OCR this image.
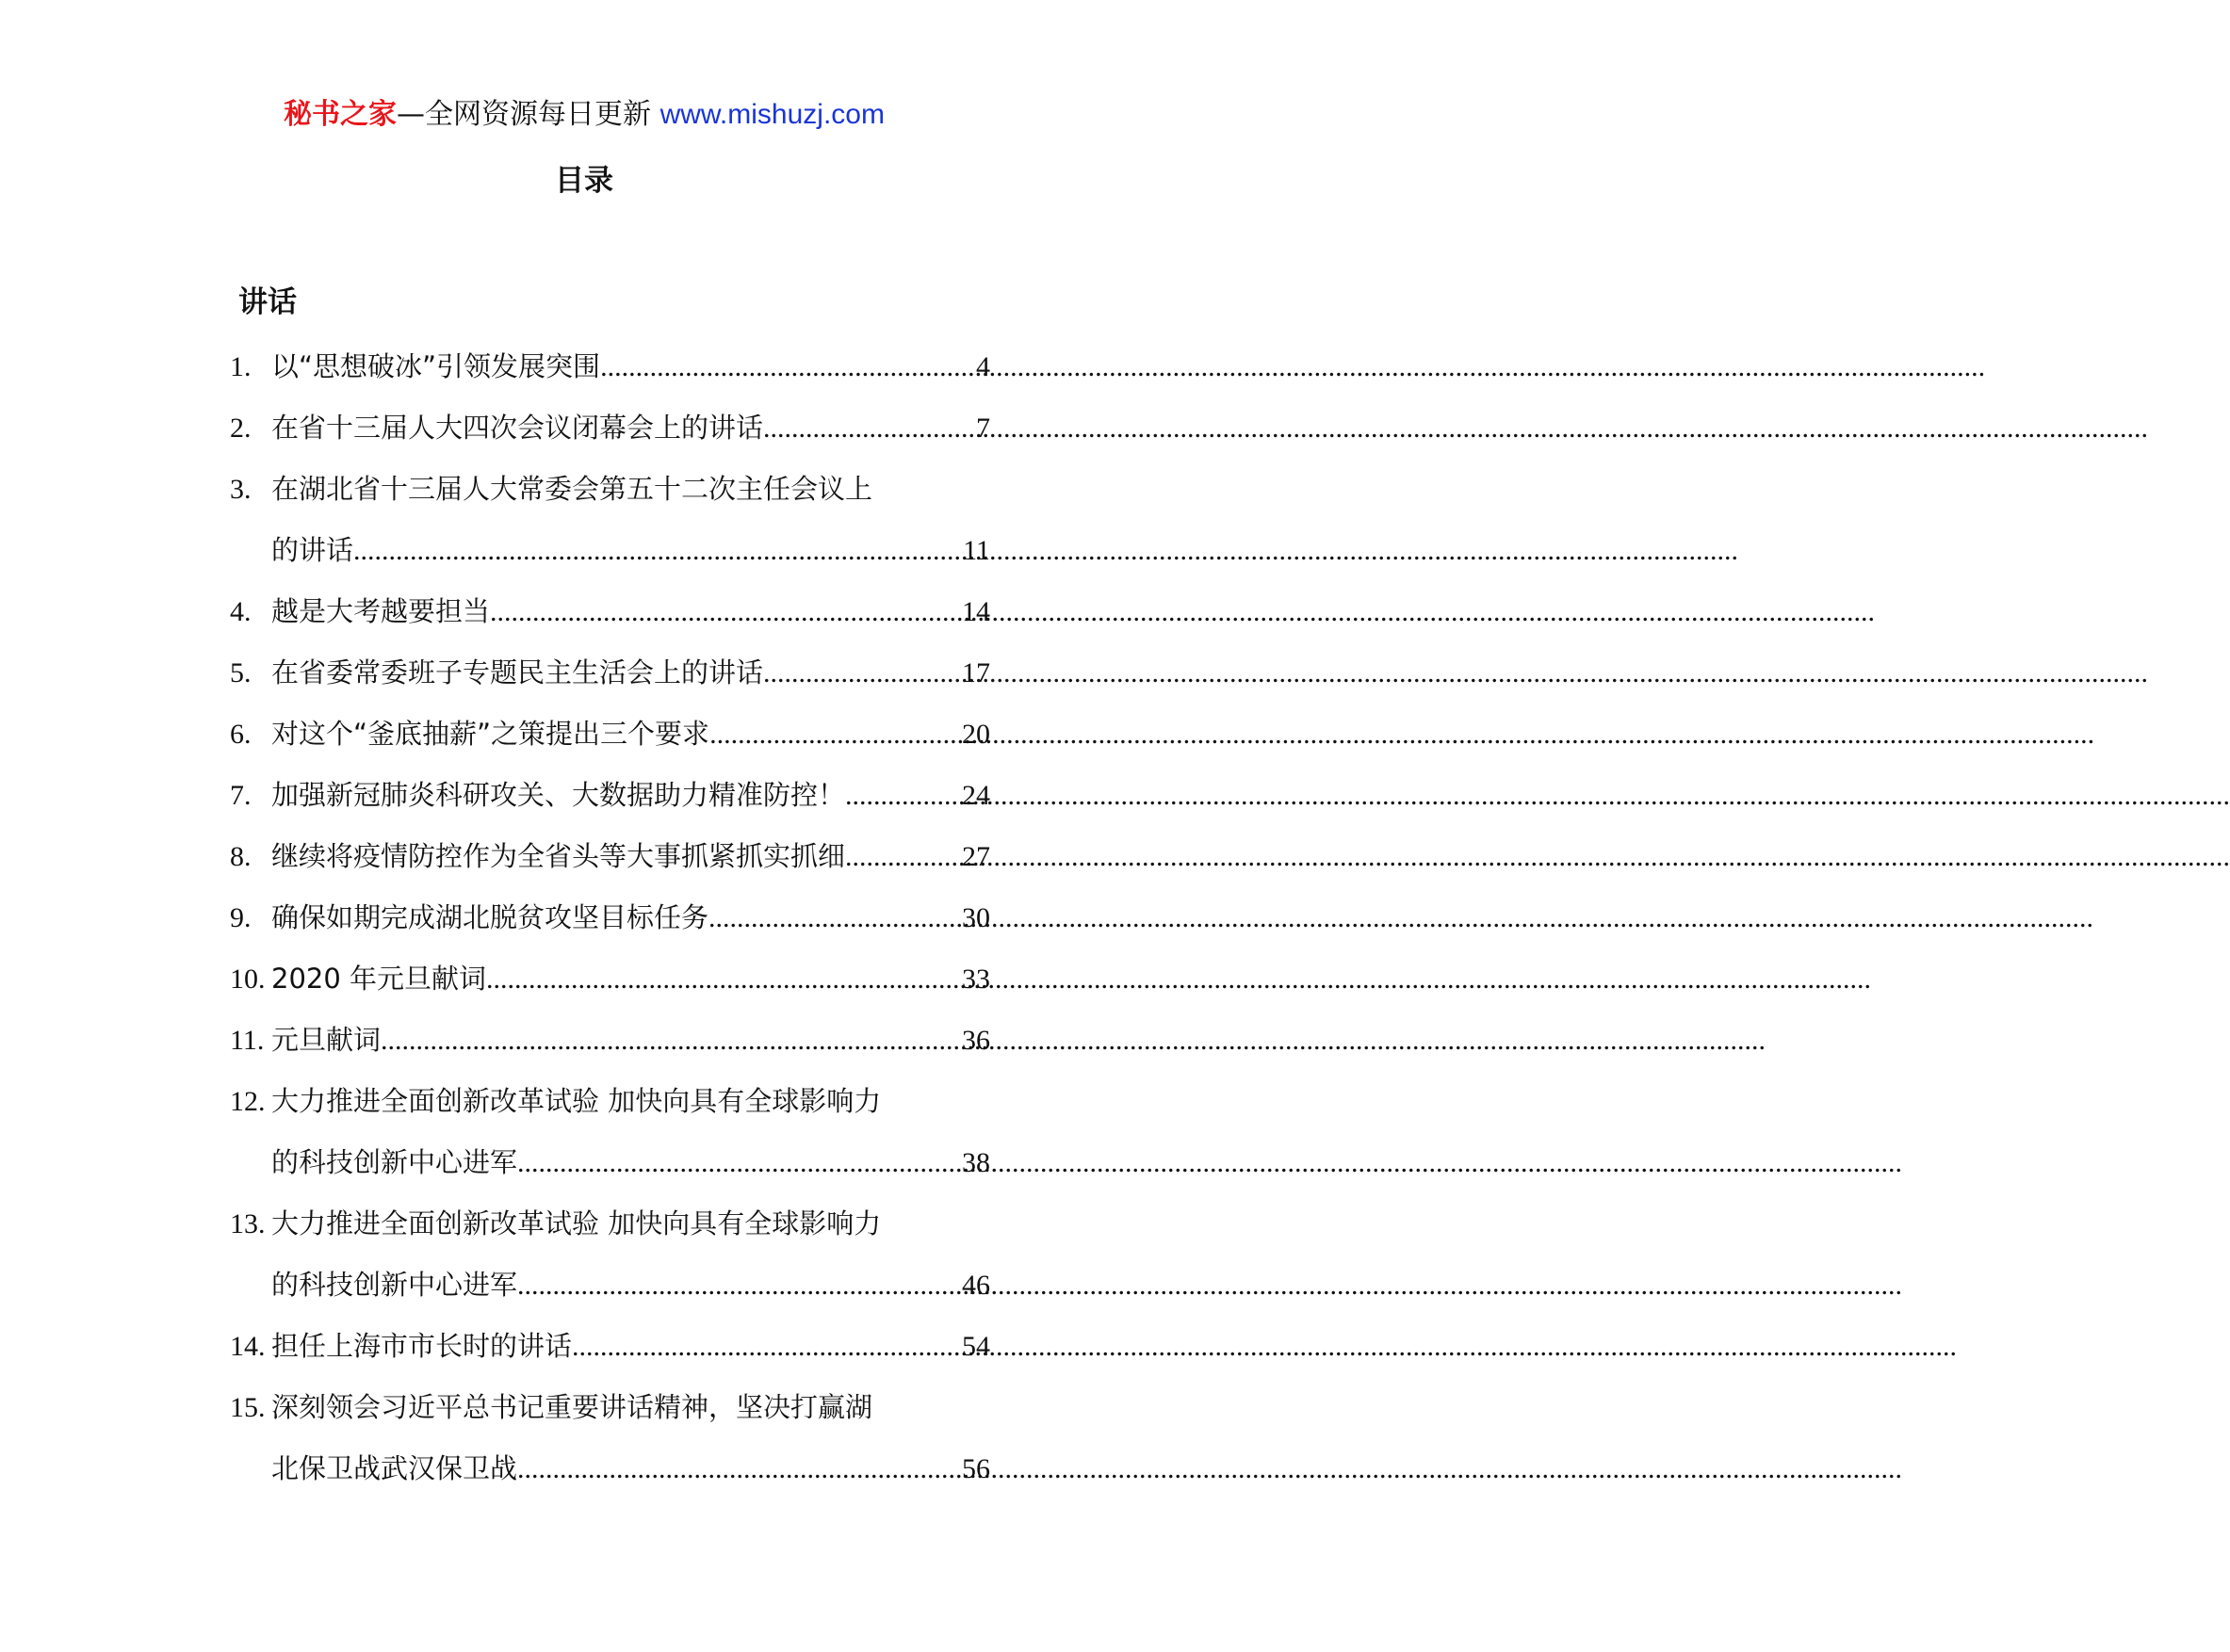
秘书之家—全网资源每日更新 www.mishuzj.com
目录
讲话
1. 以“思想破冰”引领发展突围 .....	4
2. 在省十三届人大四次会议闭幕会上的讲话 .....	7
3. 在湖北省十三届人大常委会第五十二次主任会议上
的讲话 .....	11
4. 越是大考越要担当 .....	14
5. 在省委常委班子专题民主生活会上的讲话 .....	17
6. 对这个“釜底抽薪”之策提出三个要求 .....	20
7. 加强新冠肺炎科研攻关、大数据助力精准防控！ .....	24
8. 继续将疫情防控作为全省头等大事抓紧抓实抓细 .....	27
9. 确保如期完成湖北脱贫攻坚目标任务 .....	30
10. 2020 年元旦献词 .....	33
11. 元旦献词 .....	36
12. 大力推进全面创新改革试验 加快向具有全球影响力
的科技创新中心进军 .....	38
13. 大力推进全面创新改革试验 加快向具有全球影响力
的科技创新中心进军 .....	46
14. 担任上海市市长时的讲话 .....	54
15. 深刻领会习近平总书记重要讲话精神，坚决打赢湖
北保卫战武汉保卫战 .....	56
